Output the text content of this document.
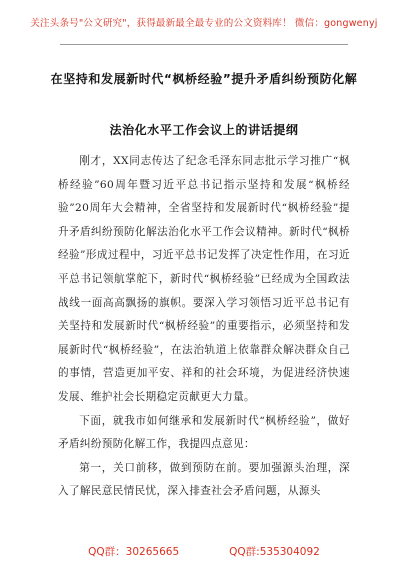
关注头条号"公文研究"，获得最新最全最专业的公文资料库！ 微信：gongwenyj
在坚持和发展新时代“枫桥经验”提升矛盾纠纷预防化解
法治化水平工作会议上的讲话提纲

刚才，XX同志传达了纪念毛泽东同志批示学习推广“枫桥经验”60周年暨习近平总书记指示坚持和发展“枫桥经验”20周年大会精神，全省坚持和发展新时代“枫桥经验”提升矛盾纠纷预防化解法治化水平工作会议精神。新时代“枫桥经验”形成过程中，习近平总书记发挥了决定性作用，在习近平总书记领航掌舵下，新时代“枫桥经验”已经成为全国政法战线一面高高飘扬的旗帜。要深入学习领悟习近平总书记有关坚持和发展新时代“枫桥经验”的重要指示，必须坚持和发展新时代“枫桥经验”，在法治轨道上依靠群众解决群众自己的事情，营造更加平安、祥和的社会环境，为促进经济快速发展、维护社会长期稳定贡献更大力量。

下面，就我市如何继承和发展新时代“枫桥经验”，做好矛盾纠纷预防化解工作，我提四点意见：

第一，关口前移，做到预防在前。要加强源头治理，深入了解民意民情民忧，深入排查社会矛盾问题，从源头

QQ群：30265665	QQ群:535304092
